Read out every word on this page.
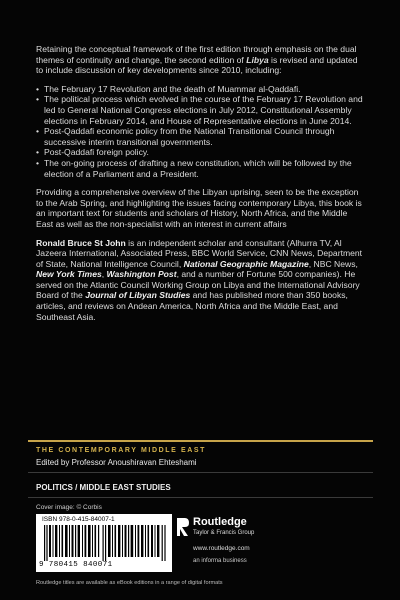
Retaining the conceptual framework of the first edition through emphasis on the dual themes of continuity and change, the second edition of Libya is revised and updated to include discussion of key developments since 2010, including:

• The February 17 Revolution and the death of Muammar al-Qaddafi.
• The political process which evolved in the course of the February 17 Revolution and led to General National Congress elections in July 2012, Constitutional Assembly elections in February 2014, and House of Representative elections in June 2014.
• Post-Qaddafi economic policy from the National Transitional Council through successive interim transitional governments.
• Post-Qaddafi foreign policy.
• The on-going process of drafting a new constitution, which will be followed by the election of a Parliament and a President.

Providing a comprehensive overview of the Libyan uprising, seen to be the exception to the Arab Spring, and highlighting the issues facing contemporary Libya, this book is an important text for students and scholars of History, North Africa, and the Middle East as well as the non-specialist with an interest in current affairs

Ronald Bruce St John is an independent scholar and consultant (Alhurra TV, Al Jazeera International, Associated Press, BBC World Service, CNN News, Department of State, National Intelligence Council, National Geographic Magazine, NBC News, New York Times, Washington Post, and a number of Fortune 500 companies). He served on the Atlantic Council Working Group on Libya and the International Advisory Board of the Journal of Libyan Studies and has published more than 350 books, articles, and reviews on Andean America, North Africa and the Middle East, and Southeast Asia.

THE CONTEMPORARY MIDDLE EAST
Edited by Professor Anoushiravan Ehteshami
POLITICS / MIDDLE EAST STUDIES
Cover image: © Corbis
ISBN 978-0-415-84007-1
9 780415 840071
Routledge
Taylor & Francis Group
www.routledge.com
an informa business
Routledge titles are available as eBook editions in a range of digital formats
